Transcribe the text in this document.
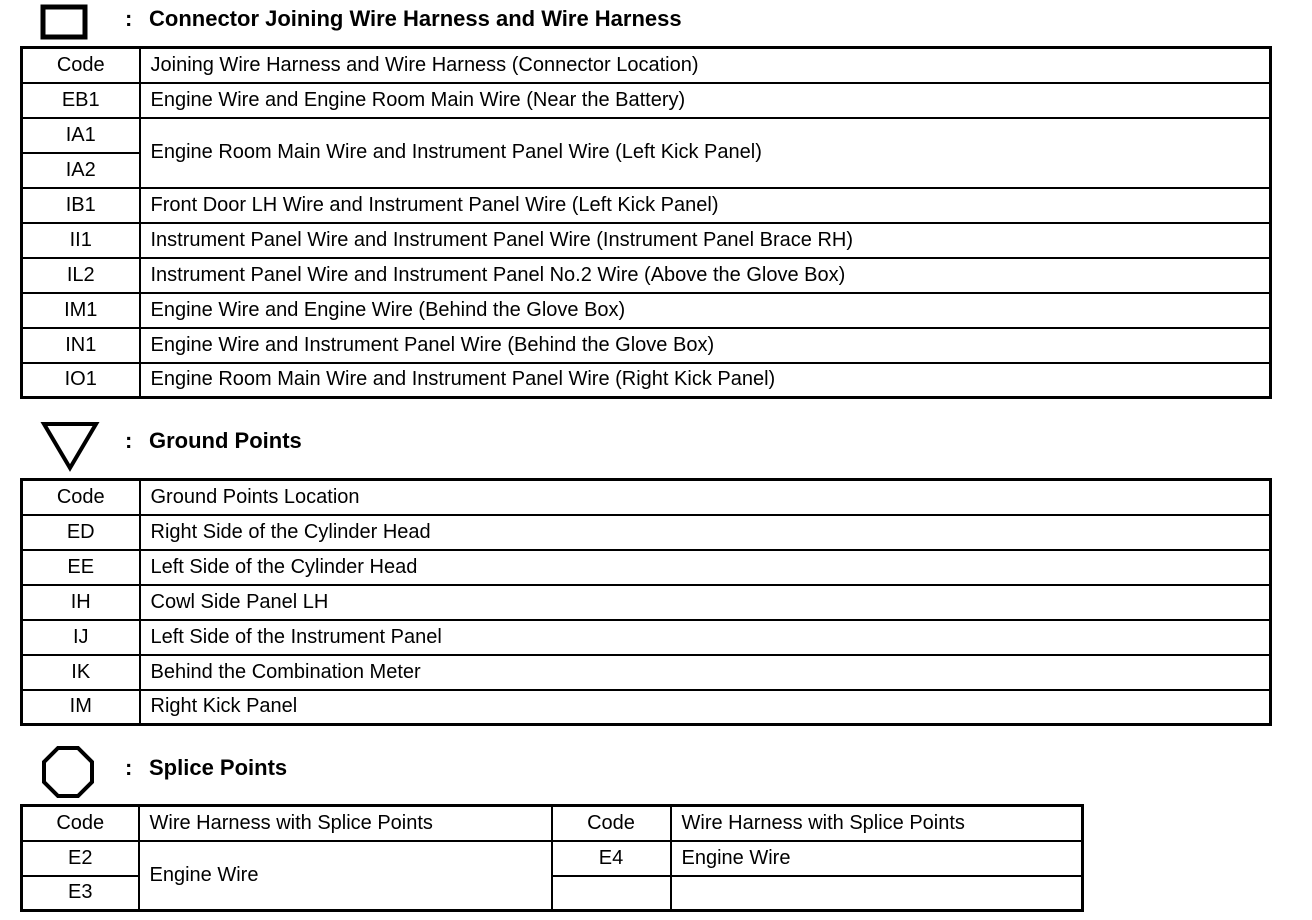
: Connector Joining Wire Harness and Wire Harness
Code	Joining Wire Harness and Wire Harness (Connector Location)
EB1	Engine Wire and Engine Room Main Wire (Near the Battery)
IA1	Engine Room Main Wire and Instrument Panel Wire (Left Kick Panel)
IA2	
IB1	Front Door LH Wire and Instrument Panel Wire (Left Kick Panel)
II1	Instrument Panel Wire and Instrument Panel Wire (Instrument Panel Brace RH)
IL2	Instrument Panel Wire and Instrument Panel No.2 Wire (Above the Glove Box)
IM1	Engine Wire and Engine Wire (Behind the Glove Box)
IN1	Engine Wire and Instrument Panel Wire (Behind the Glove Box)
IO1	Engine Room Main Wire and Instrument Panel Wire (Right Kick Panel)
: Ground Points
Code	Ground Points Location
ED	Right Side of the Cylinder Head
EE	Left Side of the Cylinder Head
IH	Cowl Side Panel LH
IJ	Left Side of the Instrument Panel
IK	Behind the Combination Meter
IM	Right Kick Panel
: Splice Points
Code	Wire Harness with Splice Points	Code	Wire Harness with Splice Points
E2	Engine Wire	E4	Engine Wire
E3			
